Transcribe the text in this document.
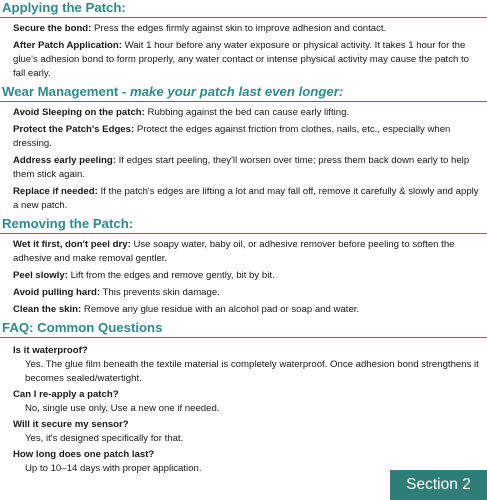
Applying the Patch:
Secure the bond: Press the edges firmly against skin to improve adhesion and contact.
After Patch Application: Wait 1 hour before any water exposure or physical activity. It takes 1 hour for the glue's adhesion bond to form properly, any water contact or intense physical activity may cause the patch to fall early.
Wear Management - make your patch last even longer:
Avoid Sleeping on the patch: Rubbing against the bed can cause early lifting.
Protect the Patch's Edges: Protect the edges against friction from clothes, nails, etc., especially when dressing.
Address early peeling: If edges start peeling, they'll worsen over time; press them back down early to help them stick again.
Replace if needed: If the patch's edges are lifting a lot and may fall off, remove it carefully & slowly and apply a new patch.
Removing the Patch:
Wet it first, don't peel dry: Use soapy water, baby oil, or adhesive remover before peeling to soften the adhesive and make removal gentler.
Peel slowly: Lift from the edges and remove gently, bit by bit.
Avoid pulling hard: This prevents skin damage.
Clean the skin: Remove any glue residue with an alcohol pad or soap and water.
FAQ: Common Questions
Is it waterproof?
Yes. The glue film beneath the textile material is completely waterproof. Once adhesion bond strengthens it becomes sealed/watertight.
Can I re-apply a patch?
No, single use only. Use a new one if needed.
Will it secure my sensor?
Yes, it's designed specifically for that.
How long does one patch last?
Up to 10–14 days with proper application.
Section 2
